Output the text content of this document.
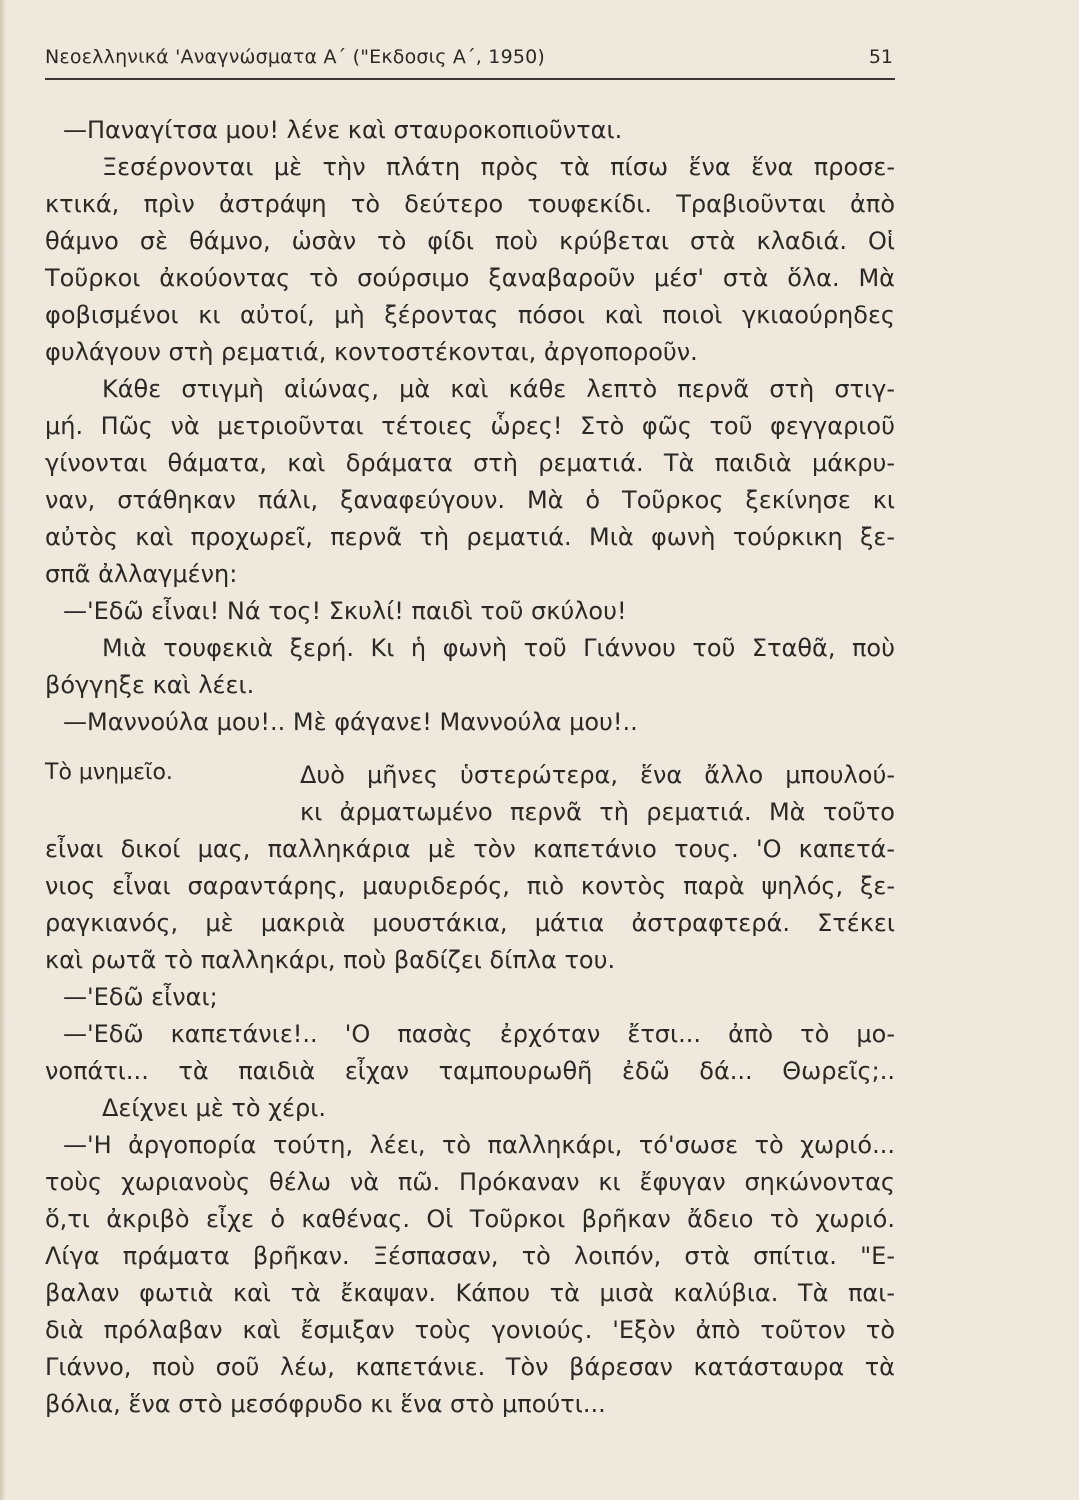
Νεοελληνικά 'Αναγνώσματα Α΄ ("Εκδοσις Α΄, 1950)	51
—Παναγίτσα μου! λένε καὶ σταυροκοπιοῦνται.
Ξεσέρνονται μὲ τὴν πλάτη πρὸς τὰ πίσω ἕνα ἕνα προσε-
κτικά, πρὶν ἀστράψη τὸ δεύτερο τουφεκίδι. Τραβιοῦνται ἀπὸ
θάμνο σὲ θάμνο, ὡσὰν τὸ φίδι ποὺ κρύβεται στὰ κλαδιά. Οἱ
Τοῦρκοι ἀκούοντας τὸ σούρσιμο ξαναβαροῦν μέσ' στὰ ὅλα. Μὰ
φοβισμένοι κι αὐτοί, μὴ ξέροντας πόσοι καὶ ποιοὶ γκιαούρηδες
φυλάγουν στὴ ρεματιά, κοντοστέκονται, ἀργοποροῦν.
Κάθε στιγμὴ αἰώνας, μὰ καὶ κάθε λεπτὸ περνᾶ στὴ στιγ-
μή. Πῶς νὰ μετριοῦνται τέτοιες ὧρες! Στὸ φῶς τοῦ φεγγαριοῦ
γίνονται θάματα, καὶ δράματα στὴ ρεματιά. Τὰ παιδιὰ μάκρυ-
ναν, στάθηκαν πάλι, ξαναφεύγουν. Μὰ ὁ Τοῦρκος ξεκίνησε κι
αὐτὸς καὶ προχωρεῖ, περνᾶ τὴ ρεματιά. Μιὰ φωνὴ τούρκικη ξε-
σπᾶ ἀλλαγμένη:
—'Εδῶ εἶναι! Νά τος! Σκυλί! παιδὶ τοῦ σκύλου!
Μιὰ τουφεκιὰ ξερή. Κι ἡ φωνὴ τοῦ Γιάννου τοῦ Σταθᾶ, ποὺ
βόγγηξε καὶ λέει.
—Μαννούλα μου!.. Μὲ φάγανε! Μαννούλα μου!..
Τὸ μνημεῖο.	Δυὸ μῆνες ὑστερώτερα, ἕνα ἄλλο μπουλού-
κι ἀρματωμένο περνᾶ τὴ ρεματιά. Μὰ τοῦτο
εἶναι δικοί μας, παλληκάρια μὲ τὸν καπετάνιο τους. 'Ο καπετά-
νιος εἶναι σαραντάρης, μαυριδερός, πιὸ κοντὸς παρὰ ψηλός, ξε-
ραγκιανός, μὲ μακριὰ μουστάκια, μάτια ἀστραφτερά. Στέκει
καὶ ρωτᾶ τὸ παλληκάρι, ποὺ βαδίζει δίπλα του.
—'Εδῶ εἶναι;
—'Εδῶ καπετάνιε!.. 'Ο πασὰς ἐρχόταν ἔτσι... ἀπὸ τὸ μο-
νοπάτι... τὰ παιδιὰ εἶχαν ταμπουρωθῆ ἐδῶ δά... Θωρεῖς;..
Δείχνει μὲ τὸ χέρι.
—'Η ἀργοπορία τούτη, λέει, τὸ παλληκάρι, τό'σωσε τὸ χωριό...
τοὺς χωριανοὺς θέλω νὰ πῶ. Πρόκαναν κι ἔφυγαν σηκώνοντας
ὅ,τι ἀκριβὸ εἶχε ὁ καθένας. Οἱ Τοῦρκοι βρῆκαν ἄδειο τὸ χωριό.
Λίγα πράματα βρῆκαν. Ξέσπασαν, τὸ λοιπόν, στὰ σπίτια. "Ε-
βαλαν φωτιὰ καὶ τὰ ἔκαψαν. Κάπου τὰ μισὰ καλύβια. Τὰ παι-
διὰ πρόλαβαν καὶ ἔσμιξαν τοὺς γονιούς. 'Εξὸν ἀπὸ τοῦτον τὸ
Γιάννο, ποὺ σοῦ λέω, καπετάνιε. Τὸν βάρεσαν κατάσταυρα τὰ
βόλια, ἕνα στὸ μεσόφρυδο κι ἕνα στὸ μπούτι...
